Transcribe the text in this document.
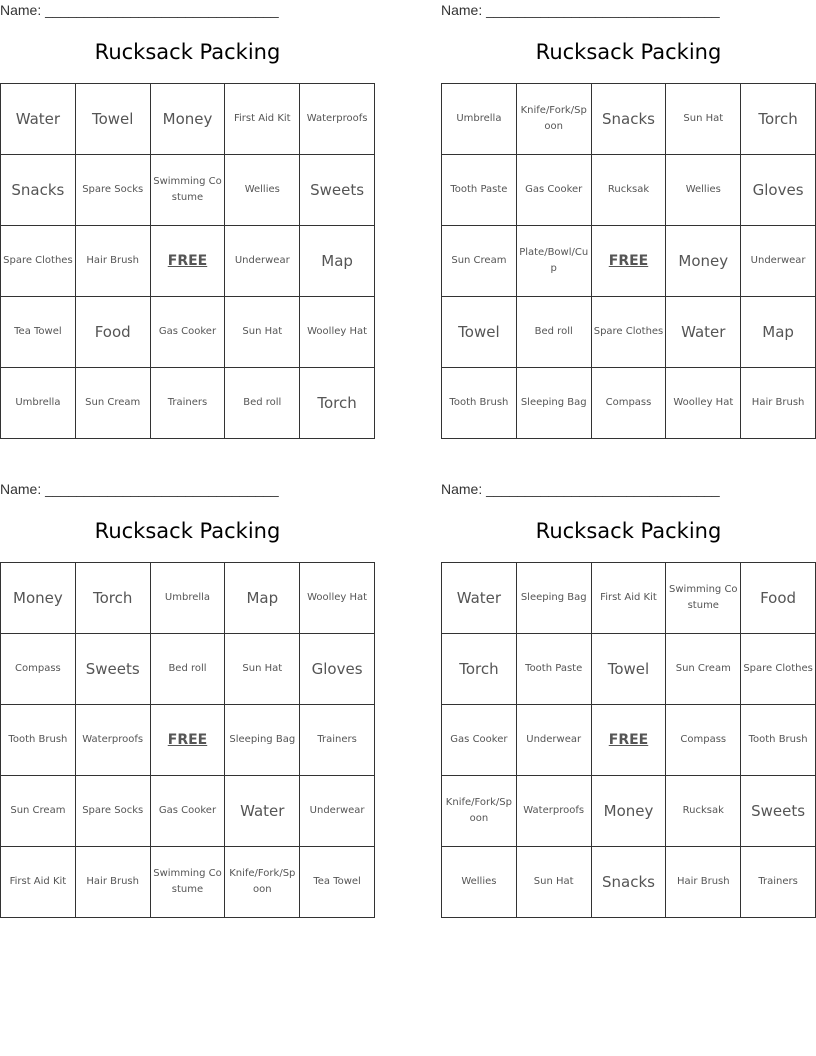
Name: ______________________________
Rucksack Packing
Water	Towel	Money	First Aid Kit	Waterproofs
Snacks	Spare Socks	Swimming Costume	Wellies	Sweets
Spare Clothes	Hair Brush	FREE	Underwear	Map
Tea Towel	Food	Gas Cooker	Sun Hat	Woolley Hat
Umbrella	Sun Cream	Trainers	Bed roll	Torch
Name: ______________________________
Rucksack Packing
Umbrella	Knife/Fork/Spoon	Snacks	Sun Hat	Torch
Tooth Paste	Gas Cooker	Rucksak	Wellies	Gloves
Sun Cream	Plate/Bowl/Cup	FREE	Money	Underwear
Towel	Bed roll	Spare Clothes	Water	Map
Tooth Brush	Sleeping Bag	Compass	Woolley Hat	Hair Brush
Name: ______________________________
Rucksack Packing
Money	Torch	Umbrella	Map	Woolley Hat
Compass	Sweets	Bed roll	Sun Hat	Gloves
Tooth Brush	Waterproofs	FREE	Sleeping Bag	Trainers
Sun Cream	Spare Socks	Gas Cooker	Water	Underwear
First Aid Kit	Hair Brush	Swimming Costume	Knife/Fork/Spoon	Tea Towel
Name: ______________________________
Rucksack Packing
Water	Sleeping Bag	First Aid Kit	Swimming Costume	Food
Torch	Tooth Paste	Towel	Sun Cream	Spare Clothes
Gas Cooker	Underwear	FREE	Compass	Tooth Brush
Knife/Fork/Spoon	Waterproofs	Money	Rucksak	Sweets
Wellies	Sun Hat	Snacks	Hair Brush	Trainers
